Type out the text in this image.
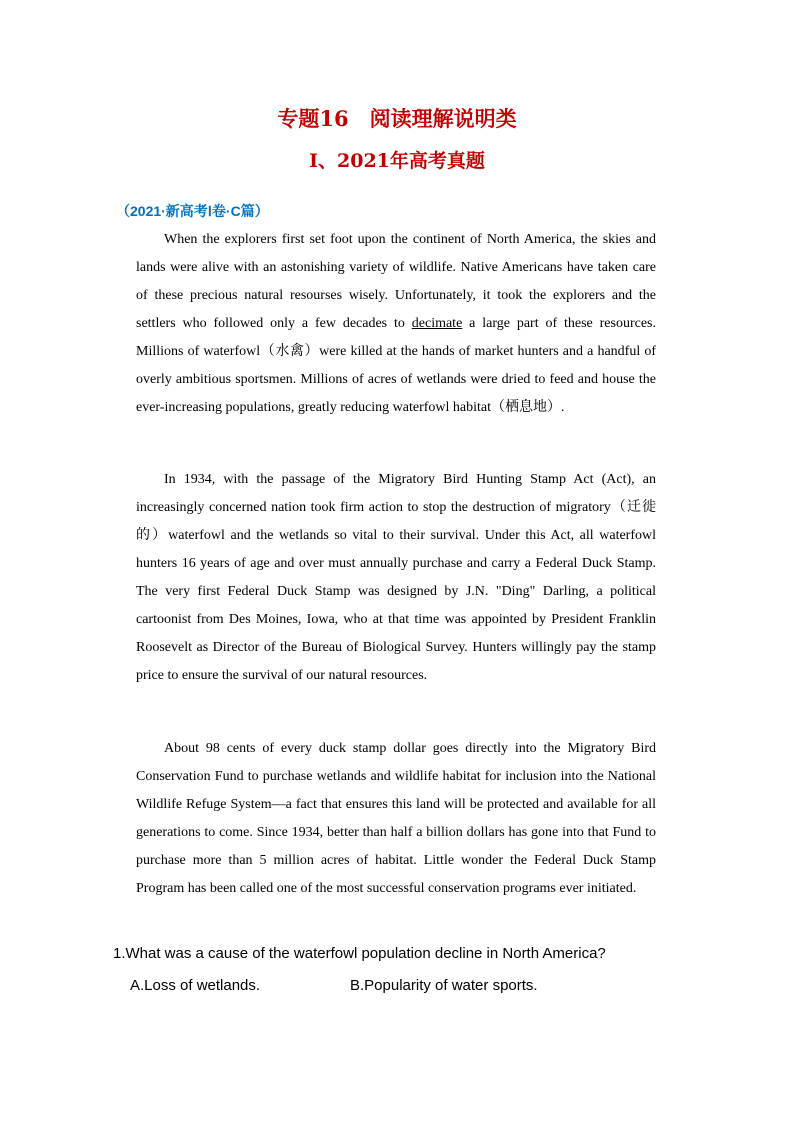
专题16　阅读理解说明类
Ⅰ、2021年高考真题
（2021·新高考Ⅰ卷·C篇）

When the explorers first set foot upon the continent of North America, the skies and lands were alive with an astonishing variety of wildlife. Native Americans have taken care of these precious natural resourses wisely. Unfortunately, it took the explorers and the settlers who followed only a few decades to decimate a large part of these resources. Millions of waterfowl（水禽）were killed at the hands of market hunters and a handful of overly ambitious sportsmen. Millions of acres of wetlands were dried to feed and house the ever-increasing populations, greatly reducing waterfowl habitat（栖息地）.

In 1934, with the passage of the Migratory Bird Hunting Stamp Act (Act), an increasingly concerned nation took firm action to stop the destruction of migratory（迁徙的）waterfowl and the wetlands so vital to their survival. Under this Act, all waterfowl hunters 16 years of age and over must annually purchase and carry a Federal Duck Stamp. The very first Federal Duck Stamp was designed by J.N. "Ding" Darling, a political cartoonist from Des Moines, Iowa, who at that time was appointed by President Franklin Roosevelt as Director of the Bureau of Biological Survey. Hunters willingly pay the stamp price to ensure the survival of our natural resources.

About 98 cents of every duck stamp dollar goes directly into the Migratory Bird Conservation Fund to purchase wetlands and wildlife habitat for inclusion into the National Wildlife Refuge System—a fact that ensures this land will be protected and available for all generations to come. Since 1934, better than half a billion dollars has gone into that Fund to purchase more than 5 million acres of habitat. Little wonder the Federal Duck Stamp Program has been called one of the most successful conservation programs ever initiated.

1.What was a cause of the waterfowl population decline in North America?
A.Loss of wetlands.	B.Popularity of water sports.
